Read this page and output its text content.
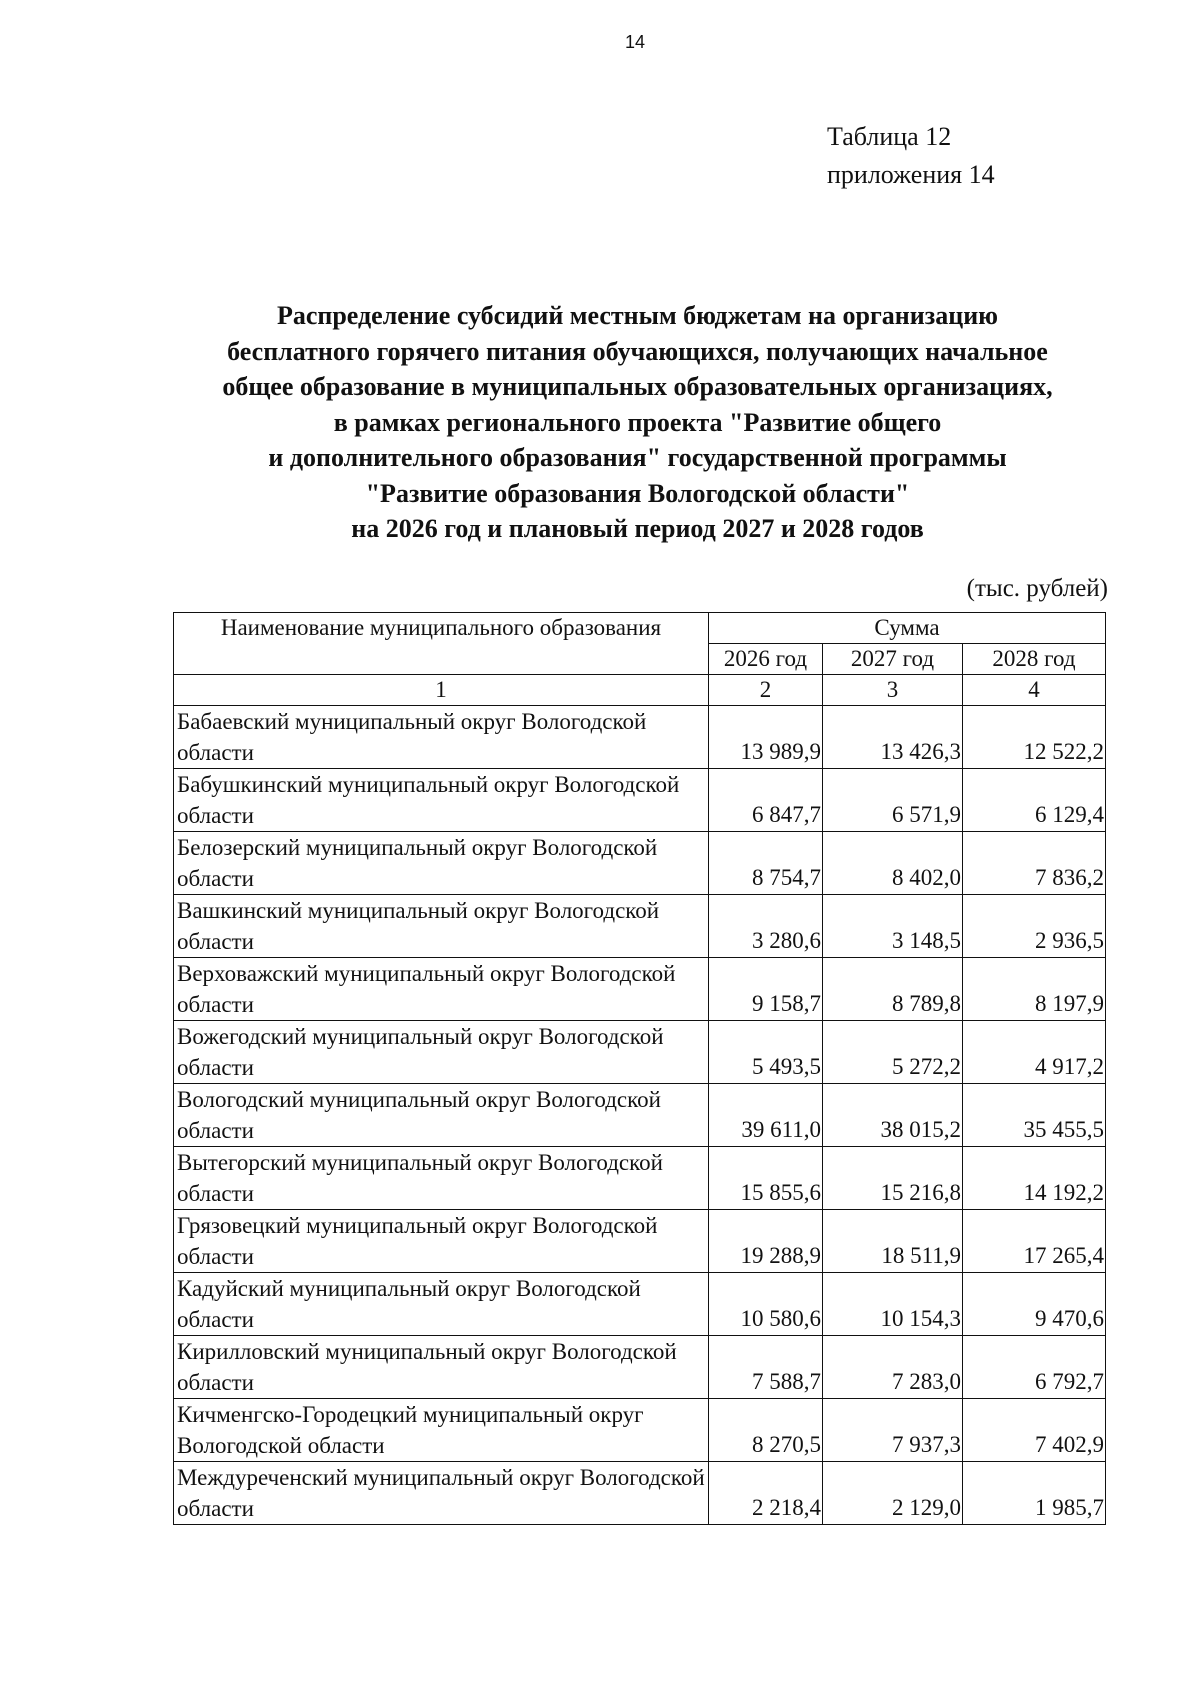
14
Таблица 12
приложения 14
Распределение субсидий местным бюджетам на организацию
бесплатного горячего питания обучающихся, получающих начальное
общее образование в муниципальных образовательных организациях,
в рамках регионального проекта "Развитие общего
и дополнительного образования" государственной программы
"Развитие образования Вологодской области"
на 2026 год и плановый период 2027 и 2028 годов
(тыс. рублей)
Наименование муниципального образования	Сумма		
	2026 год	2027 год	2028 год
1	2	3	4
Бабаевский муниципальный округ Вологодской области	13 989,9	13 426,3	12 522,2
Бабушкинский муниципальный округ Вологодской области	6 847,7	6 571,9	6 129,4
Белозерский муниципальный округ Вологодской области	8 754,7	8 402,0	7 836,2
Вашкинский муниципальный округ Вологодской области	3 280,6	3 148,5	2 936,5
Верховажский муниципальный округ Вологодской области	9 158,7	8 789,8	8 197,9
Вожегодский муниципальный округ Вологодской области	5 493,5	5 272,2	4 917,2
Вологодский муниципальный округ Вологодской области	39 611,0	38 015,2	35 455,5
Вытегорский муниципальный округ Вологодской области	15 855,6	15 216,8	14 192,2
Грязовецкий муниципальный округ Вологодской области	19 288,9	18 511,9	17 265,4
Кадуйский муниципальный округ Вологодской области	10 580,6	10 154,3	9 470,6
Кирилловский муниципальный округ Вологодской области	7 588,7	7 283,0	6 792,7
Кичменгско-Городецкий муниципальный округ Вологодской области	8 270,5	7 937,3	7 402,9
Междуреченский муниципальный округ Вологодской области	2 218,4	2 129,0	1 985,7
